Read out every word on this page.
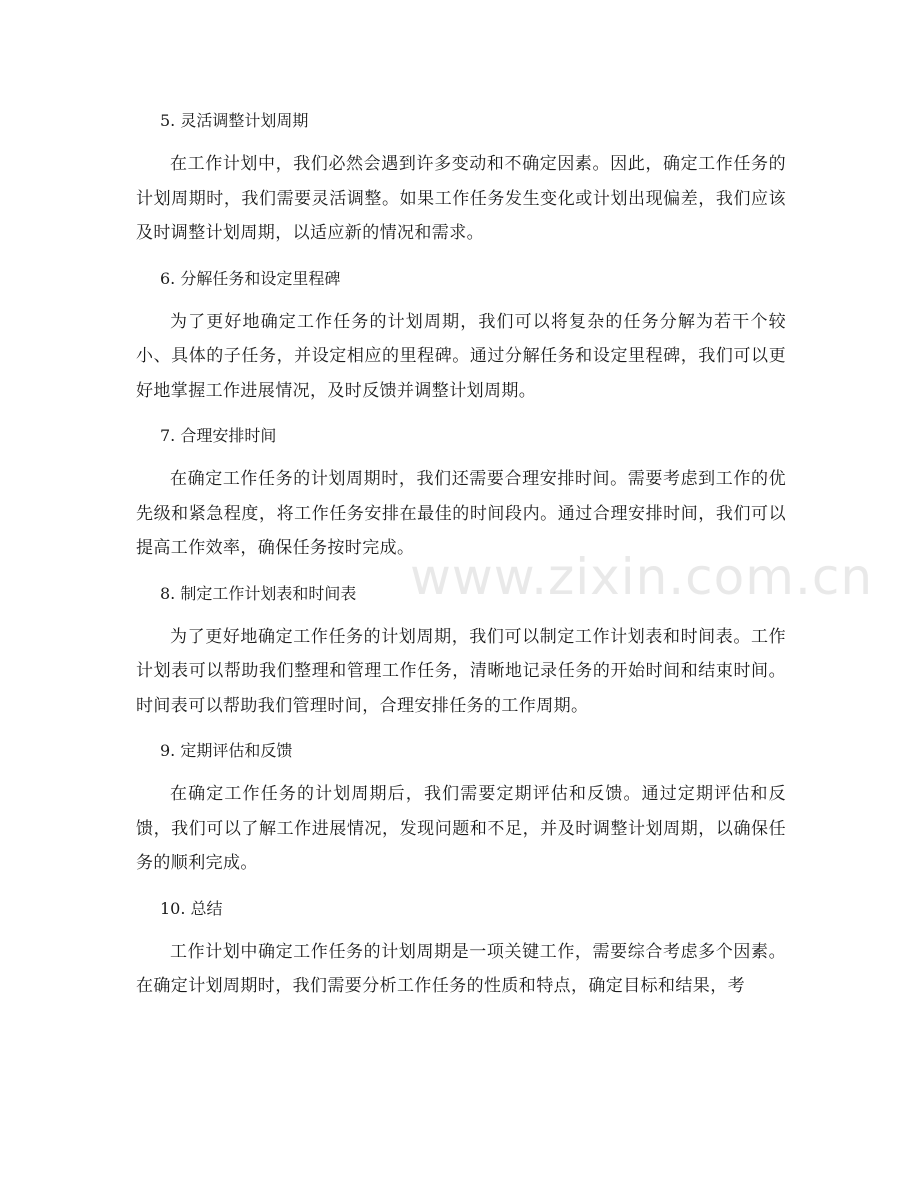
5. 灵活调整计划周期

在工作计划中，我们必然会遇到许多变动和不确定因素。因此，确定工作任务的计划周期时，我们需要灵活调整。如果工作任务发生变化或计划出现偏差，我们应该及时调整计划周期，以适应新的情况和需求。

6. 分解任务和设定里程碑

为了更好地确定工作任务的计划周期，我们可以将复杂的任务分解为若干个较小、具体的子任务，并设定相应的里程碑。通过分解任务和设定里程碑，我们可以更好地掌握工作进展情况，及时反馈并调整计划周期。

7. 合理安排时间

在确定工作任务的计划周期时，我们还需要合理安排时间。需要考虑到工作的优先级和紧急程度，将工作任务安排在最佳的时间段内。通过合理安排时间，我们可以提高工作效率，确保任务按时完成。

8. 制定工作计划表和时间表

为了更好地确定工作任务的计划周期，我们可以制定工作计划表和时间表。工作计划表可以帮助我们整理和管理工作任务，清晰地记录任务的开始时间和结束时间。时间表可以帮助我们管理时间，合理安排任务的工作周期。

9. 定期评估和反馈

在确定工作任务的计划周期后，我们需要定期评估和反馈。通过定期评估和反馈，我们可以了解工作进展情况，发现问题和不足，并及时调整计划周期，以确保任务的顺利完成。

10. 总结

工作计划中确定工作任务的计划周期是一项关键工作，需要综合考虑多个因素。在确定计划周期时，我们需要分析工作任务的性质和特点，确定目标和结果，考

www.zixin.com.cn
